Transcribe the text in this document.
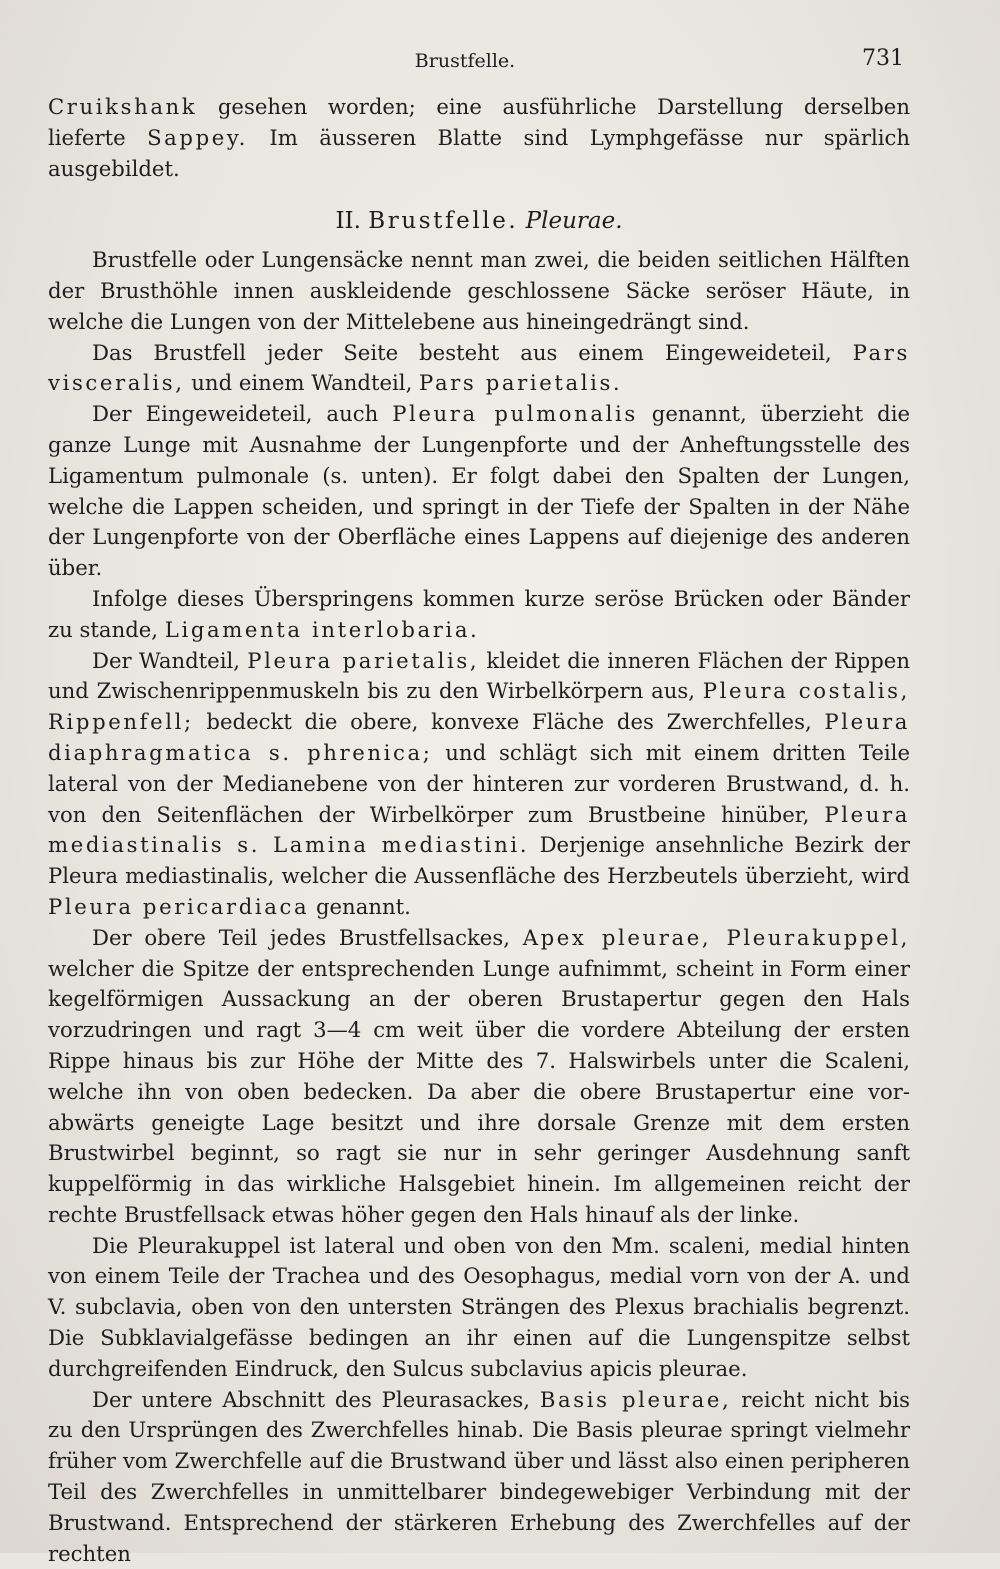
Brustfelle.	731

Cruikshank gesehen worden; eine ausführliche Darstellung derselben lieferte Sappey. Im äusseren Blatte sind Lymphgefässe nur spärlich ausgebildet.

II. Brustfelle. Pleurae.

Brustfelle oder Lungensäcke nennt man zwei, die beiden seitlichen Hälften der Brusthöhle innen auskleidende geschlossene Säcke seröser Häute, in welche die Lungen von der Mittelebene aus hineingedrängt sind.

Das Brustfell jeder Seite besteht aus einem Eingeweideteil, Pars visceralis, und einem Wandteil, Pars parietalis.

Der Eingeweideteil, auch Pleura pulmonalis genannt, überzieht die ganze Lunge mit Ausnahme der Lungenpforte und der Anheftungsstelle des Ligamentum pulmonale (s. unten). Er folgt dabei den Spalten der Lungen, welche die Lappen scheiden, und springt in der Tiefe der Spalten in der Nähe der Lungenpforte von der Oberfläche eines Lappens auf diejenige des anderen über.

Infolge dieses Überspringens kommen kurze seröse Brücken oder Bänder zu stande, Ligamenta interlobaria.

Der Wandteil, Pleura parietalis, kleidet die inneren Flächen der Rippen und Zwischenrippenmuskeln bis zu den Wirbelkörpern aus, Pleura costalis, Rippenfell; bedeckt die obere, konvexe Fläche des Zwerchfelles, Pleura diaphragmatica s. phrenica; und schlägt sich mit einem dritten Teile lateral von der Medianebene von der hinteren zur vorderen Brustwand, d. h. von den Seitenflächen der Wirbelkörper zum Brustbeine hinüber, Pleura mediastinalis s. Lamina mediastini. Derjenige ansehnliche Bezirk der Pleura mediastinalis, welcher die Aussenfläche des Herzbeutels überzieht, wird Pleura pericardiaca genannt.

Der obere Teil jedes Brustfellsackes, Apex pleurae, Pleurakuppel, welcher die Spitze der entsprechenden Lunge aufnimmt, scheint in Form einer kegelförmigen Aussackung an der oberen Brustapertur gegen den Hals vorzudringen und ragt 3—4 cm weit über die vordere Abteilung der ersten Rippe hinaus bis zur Höhe der Mitte des 7. Halswirbels unter die Scaleni, welche ihn von oben bedecken. Da aber die obere Brustapertur eine vor-abwärts geneigte Lage besitzt und ihre dorsale Grenze mit dem ersten Brustwirbel beginnt, so ragt sie nur in sehr geringer Ausdehnung sanft kuppelförmig in das wirkliche Halsgebiet hinein. Im allgemeinen reicht der rechte Brustfellsack etwas höher gegen den Hals hinauf als der linke.

Die Pleurakuppel ist lateral und oben von den Mm. scaleni, medial hinten von einem Teile der Trachea und des Oesophagus, medial vorn von der A. und V. subclavia, oben von den untersten Strängen des Plexus brachialis begrenzt. Die Subklavialgefässe bedingen an ihr einen auf die Lungenspitze selbst durchgreifenden Eindruck, den Sulcus subclavius apicis pleurae.

Der untere Abschnitt des Pleurasackes, Basis pleurae, reicht nicht bis zu den Ursprüngen des Zwerchfelles hinab. Die Basis pleurae springt vielmehr früher vom Zwerchfelle auf die Brustwand über und lässt also einen peripheren Teil des Zwerchfelles in unmittelbarer bindegewebiger Verbindung mit der Brustwand. Entsprechend der stärkeren Erhebung des Zwerchfelles auf der rechten
